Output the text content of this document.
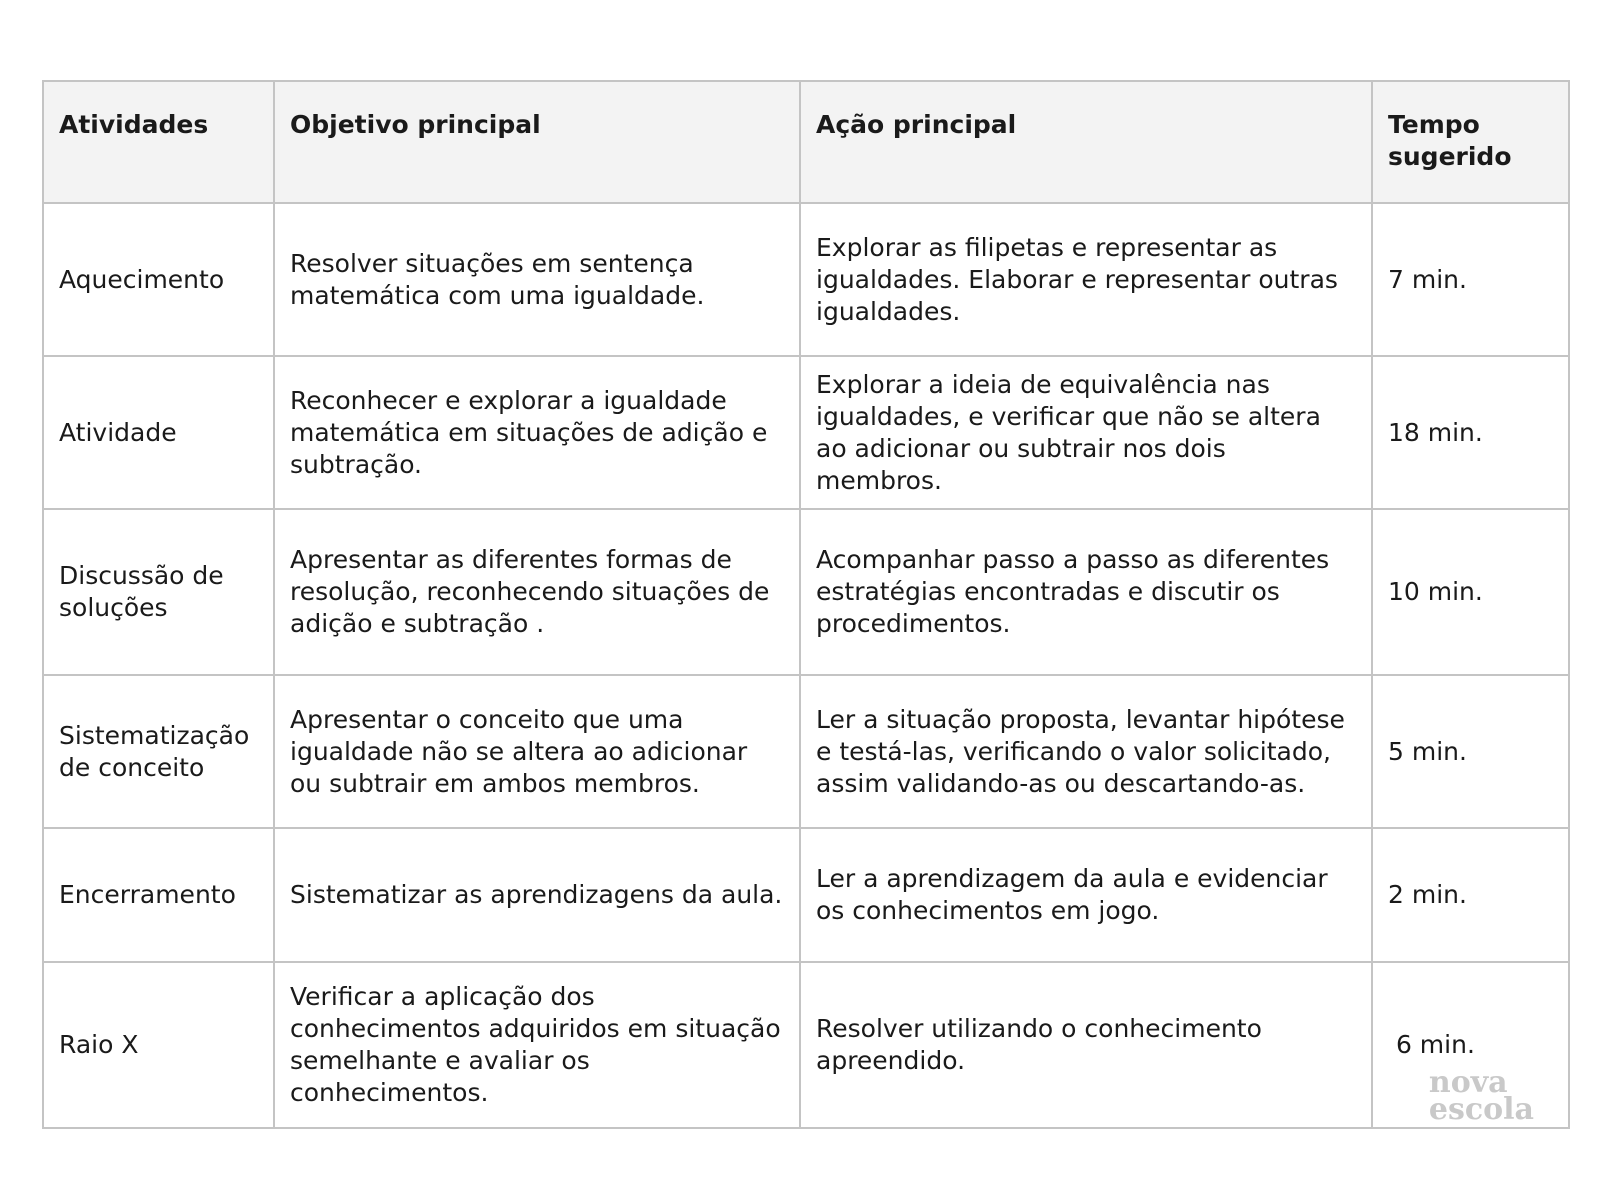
Atividades	Objetivo principal	Ação principal	Tempo sugerido
Aquecimento	Resolver situações em sentença matemática com uma igualdade.	Explorar as filipetas e representar as igualdades. Elaborar e representar outras igualdades.	7 min.
Atividade	Reconhecer e explorar a igualdade matemática em situações de adição e subtração.	Explorar a ideia de equivalência nas igualdades, e verificar que não se altera ao adicionar ou subtrair nos dois membros.	18 min.
Discussão de soluções	Apresentar as diferentes formas de resolução, reconhecendo situações de adição e subtração .	Acompanhar passo a passo as diferentes estratégias encontradas e discutir os procedimentos.	10 min.
Sistematização de conceito	Apresentar o conceito que uma igualdade não se altera ao adicionar ou subtrair em ambos membros.	Ler a situação proposta, levantar hipótese e testá-las, verificando o valor solicitado, assim validando-as ou descartando-as.	5 min.
Encerramento	Sistematizar as aprendizagens da aula.	Ler a aprendizagem da aula e evidenciar os conhecimentos em jogo.	2 min.
Raio X	Verificar a aplicação dos conhecimentos adquiridos em situação semelhante e avaliar os conhecimentos.	Resolver utilizando o conhecimento apreendido.	6 min.
nova
escola
